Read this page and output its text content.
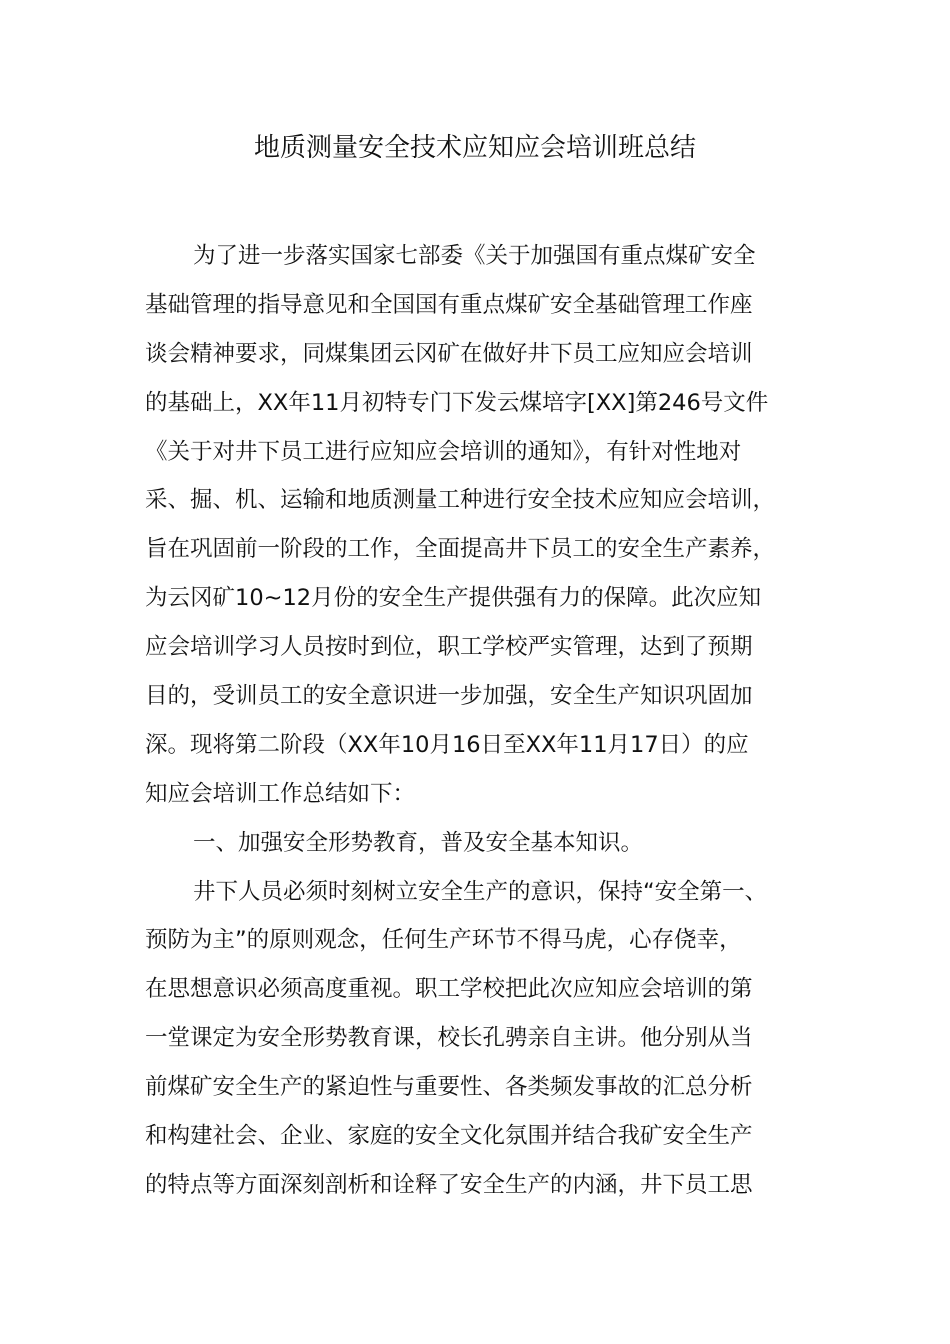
地质测量安全技术应知应会培训班总结
为了进一步落实国家七部委《关于加强国有重点煤矿安全
基础管理的指导意见和全国国有重点煤矿安全基础管理工作座
谈会精神要求，同煤集团云冈矿在做好井下员工应知应会培训
的基础上，XX年11月初特专门下发云煤培字[XX]第246号文件
《关于对井下员工进行应知应会培训的通知》，有针对性地对
采、掘、机、运输和地质测量工种进行安全技术应知应会培训，
旨在巩固前一阶段的工作，全面提高井下员工的安全生产素养，
为云冈矿10~12月份的安全生产提供强有力的保障。此次应知
应会培训学习人员按时到位，职工学校严实管理，达到了预期
目的，受训员工的安全意识进一步加强，安全生产知识巩固加
深。现将第二阶段（XX年10月16日至XX年11月17日）的应
知应会培训工作总结如下：
一、加强安全形势教育，普及安全基本知识。
井下人员必须时刻树立安全生产的意识，保持“安全第一、
预防为主”的原则观念，任何生产环节不得马虎，心存侥幸，
在思想意识必须高度重视。职工学校把此次应知应会培训的第
一堂课定为安全形势教育课，校长孔骋亲自主讲。他分别从当
前煤矿安全生产的紧迫性与重要性、各类频发事故的汇总分析
和构建社会、企业、家庭的安全文化氛围并结合我矿安全生产
的特点等方面深刻剖析和诠释了安全生产的内涵，井下员工思
